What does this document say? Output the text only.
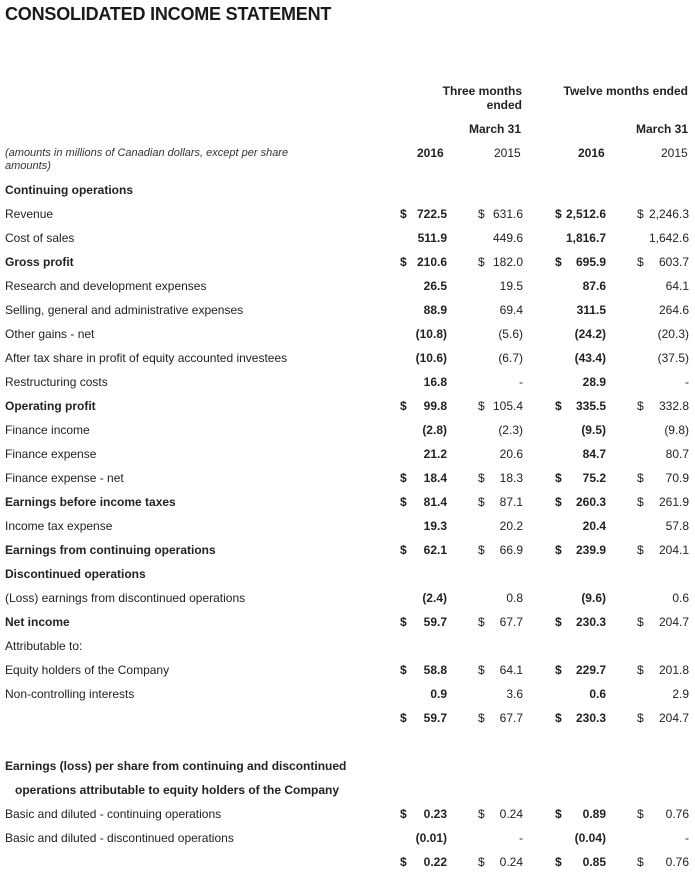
CONSOLIDATED INCOME STATEMENT
Three months ended
Twelve months ended
March 31	March 31
2016	2015	2016	2015
(amounts in millions of Canadian dollars, except per share amounts)
Continuing operations
Revenue	$ 722.5	$ 631.6	$ 2,512.6	$ 2,246.3
Cost of sales	511.9	449.6	1,816.7	1,642.6
Gross profit	$ 210.6	$ 182.0	$ 695.9	$ 603.7
Research and development expenses	26.5	19.5	87.6	64.1
Selling, general and administrative expenses	88.9	69.4	311.5	264.6
Other gains - net	(10.8)	(5.6)	(24.2)	(20.3)
After tax share in profit of equity accounted investees	(10.6)	(6.7)	(43.4)	(37.5)
Restructuring costs	16.8	-	28.9	-
Operating profit	$ 99.8	$ 105.4	$ 335.5	$ 332.8
Finance income	(2.8)	(2.3)	(9.5)	(9.8)
Finance expense	21.2	20.6	84.7	80.7
Finance expense - net	$ 18.4	$ 18.3	$ 75.2	$ 70.9
Earnings before income taxes	$ 81.4	$ 87.1	$ 260.3	$ 261.9
Income tax expense	19.3	20.2	20.4	57.8
Earnings from continuing operations	$ 62.1	$ 66.9	$ 239.9	$ 204.1
Discontinued operations
(Loss) earnings from discontinued operations	(2.4)	0.8	(9.6)	0.6
Net income	$ 59.7	$ 67.7	$ 230.3	$ 204.7
Attributable to:
Equity holders of the Company	$ 58.8	$ 64.1	$ 229.7	$ 201.8
Non-controlling interests	0.9	3.6	0.6	2.9
$ 59.7	$ 67.7	$ 230.3	$ 204.7
Earnings (loss) per share from continuing and discontinued
operations attributable to equity holders of the Company
Basic and diluted - continuing operations	$ 0.23	$ 0.24	$ 0.89	$ 0.76
Basic and diluted - discontinued operations	(0.01)	-	(0.04)	-
$ 0.22	$ 0.24	$ 0.85	$ 0.76
